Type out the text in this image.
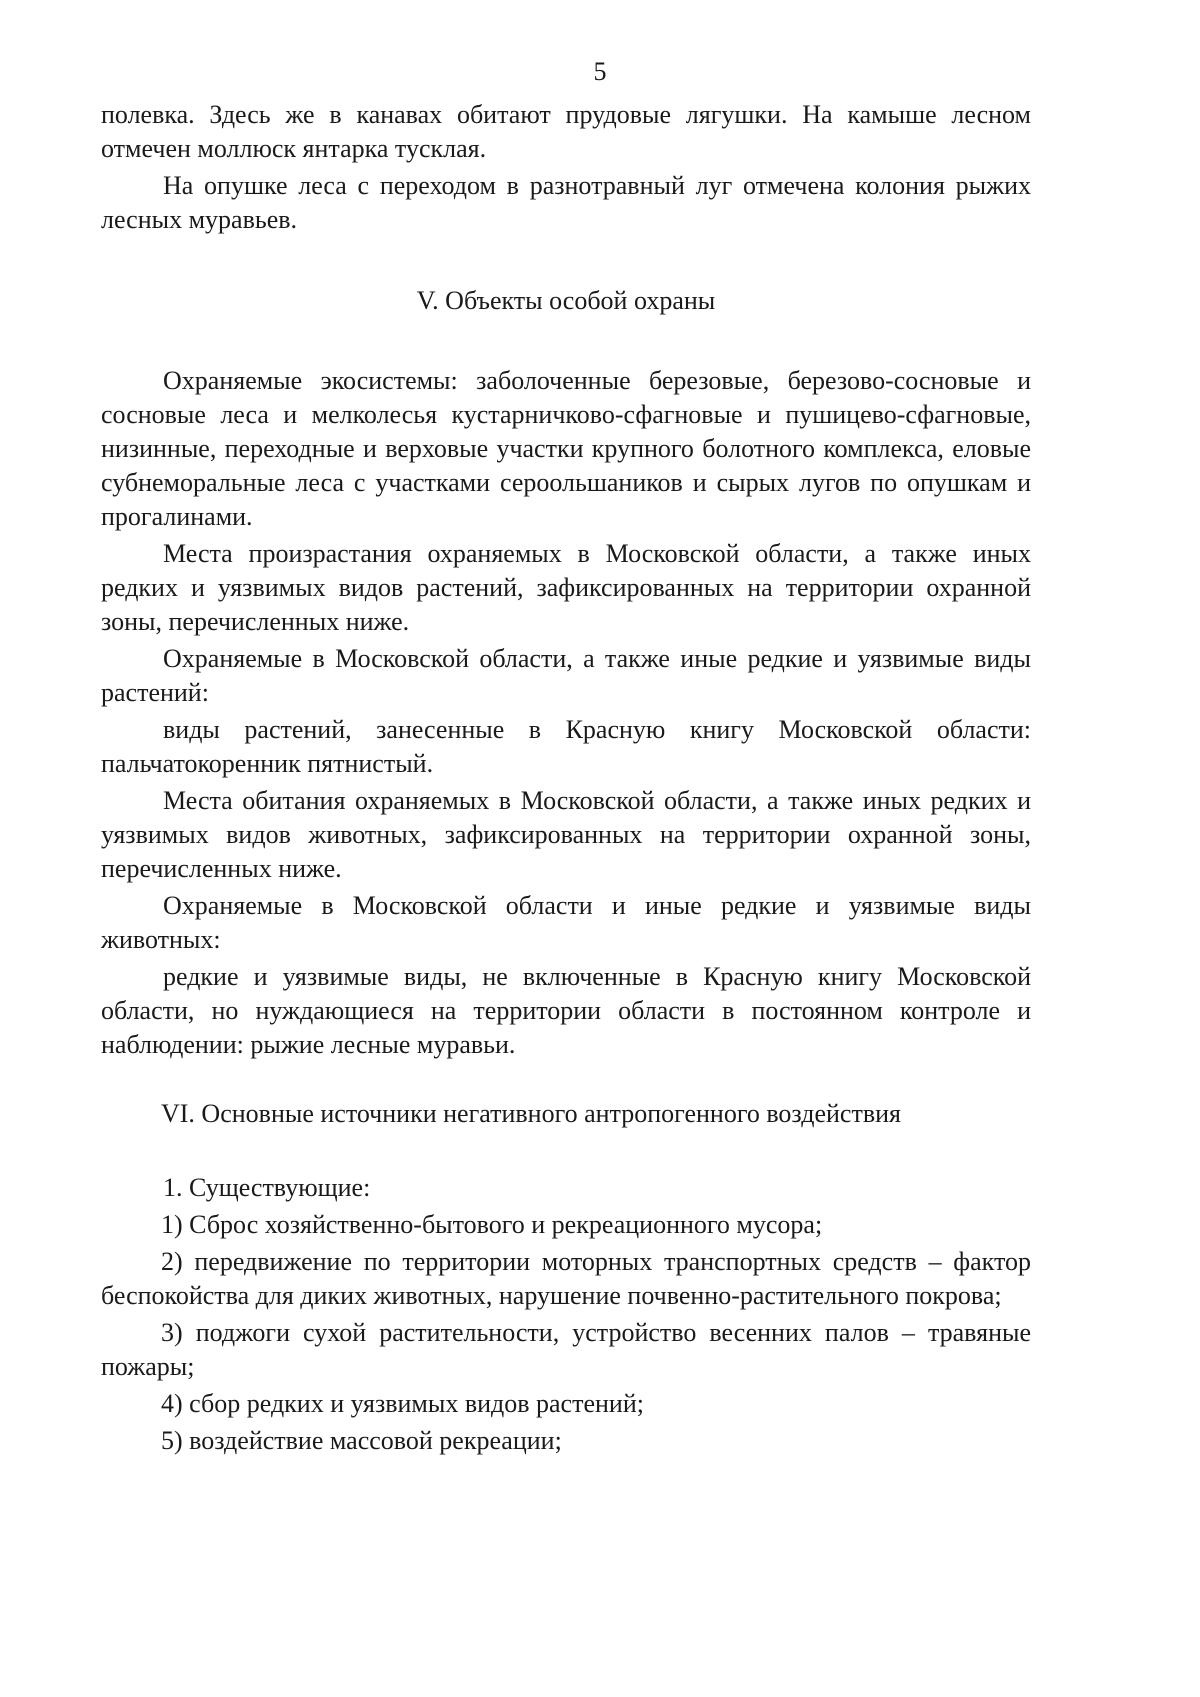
5

полевка. Здесь же в канавах обитают прудовые лягушки. На камыше лесном отмечен моллюск янтарка тусклая.

На опушке леса с переходом в разнотравный луг отмечена колония рыжих лесных муравьев.

V. Объекты особой охраны

Охраняемые экосистемы: заболоченные березовые, березово-сосновые и сосновые леса и мелколесья кустарничково-сфагновые и пушицево-сфагновые, низинные, переходные и верховые участки крупного болотного комплекса, еловые субнеморальные леса с участками сероольшаников и сырых лугов по опушкам и прогалинами.

Места произрастания охраняемых в Московской области, а также иных редких и уязвимых видов растений, зафиксированных на территории охранной зоны, перечисленных ниже.

Охраняемые в Московской области, а также иные редкие и уязвимые виды растений:

виды растений, занесенные в Красную книгу Московской области: пальчатокоренник пятнистый.

Места обитания охраняемых в Московской области, а также иных редких и уязвимых видов животных, зафиксированных на территории охранной зоны, перечисленных ниже.

Охраняемые в Московской области и иные редкие и уязвимые виды животных:

редкие и уязвимые виды, не включенные в Красную книгу Московской области, но нуждающиеся на территории области в постоянном контроле и наблюдении: рыжие лесные муравьи.

VI. Основные источники негативного антропогенного воздействия

1. Существующие:

1) Сброс хозяйственно-бытового и рекреационного мусора;

2) передвижение по территории моторных транспортных средств – фактор беспокойства для диких животных, нарушение почвенно-растительного покрова;

3) поджоги сухой растительности, устройство весенних палов – травяные пожары;

4) сбор редких и уязвимых видов растений;

5) воздействие массовой рекреации;
